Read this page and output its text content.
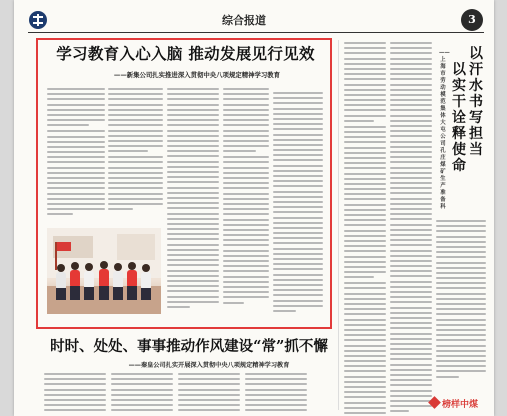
综合报道	3
学习教育入心入脑 推动发展见行见效
——新集公司扎实推进深入贯彻中央八项规定精神学习教育
时时、处处、事事推动作风建设“常”抓不懈
——秦皇公司扎实开展深入贯彻中央八项规定精神学习教育
以汗水书写担当
以实干诠释使命
——上海市劳动模范集体大屯公司孔庄煤矿生产准备科
榜样中煤
